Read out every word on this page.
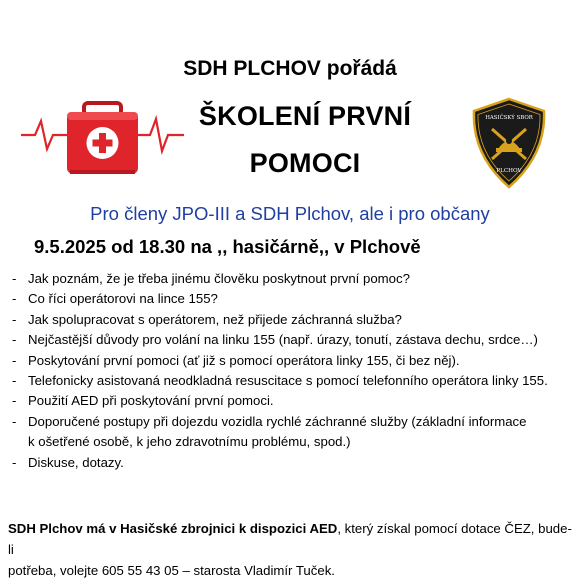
SDH PLCHOV pořádá
ŠKOLENÍ PRVNÍ
POMOCI
HASIČSKÝ SBOR
PLCHOV
Pro členy JPO-III a SDH Plchov, ale i pro občany
9.5.2025 od 18.30 na ,, hasičárně,, v Plchově
- Jak poznám, že je třeba jinému člověku poskytnout první pomoc?
- Co říci operátorovi na lince 155?
- Jak spolupracovat s operátorem, než přijede záchranná služba?
- Nejčastější důvody pro volání na linku 155 (např. úrazy, tonutí, zástava dechu, srdce…)
- Poskytování první pomoci (ať již s pomocí operátora linky 155, či bez něj).
- Telefonicky asistovaná neodkladná resuscitace s pomocí telefonního operátora linky 155.
- Použití AED při poskytování první pomoci.
- Doporučené postupy při dojezdu vozidla rychlé záchranné služby (základní informace
k ošetřené osobě, k jeho zdravotnímu problému, spod.)
- Diskuse, dotazy.
SDH Plchov má v Hasičské zbrojnici k dispozici AED, který získal pomocí dotace ČEZ, bude-li
potřeba, volejte 605 55 43 05 – starosta Vladimír Tuček.
